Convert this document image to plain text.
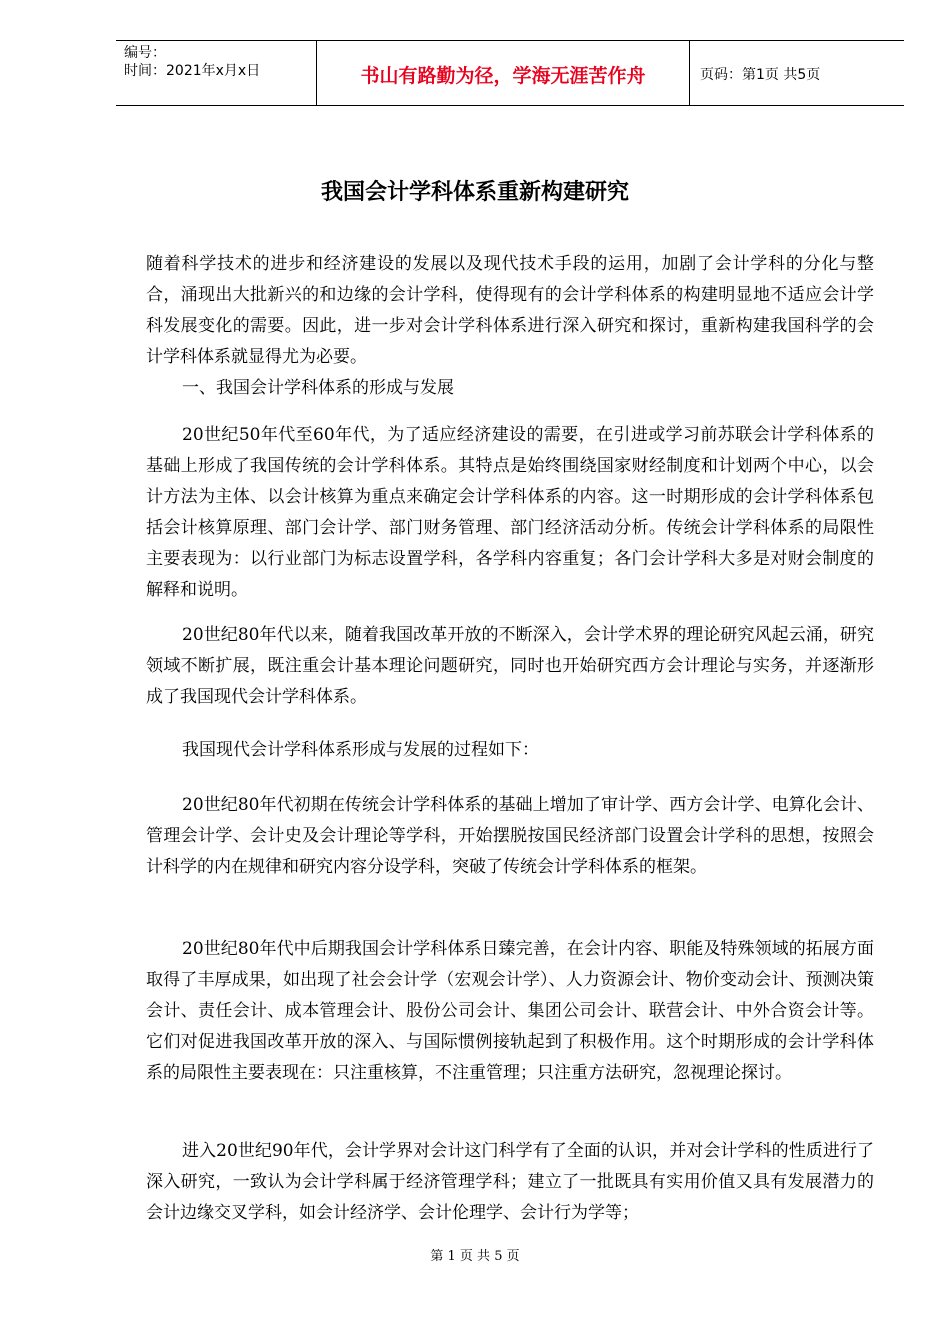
编号：
时间：2021年x月x日	书山有路勤为径，学海无涯苦作舟	页码：第1页 共5页
我国会计学科体系重新构建研究

随着科学技术的进步和经济建设的发展以及现代技术手段的运用，加剧了会计学科的分化与整合，涌现出大批新兴的和边缘的会计学科，使得现有的会计学科体系的构建明显地不适应会计学科发展变化的需要。因此，进一步对会计学科体系进行深入研究和探讨，重新构建我国科学的会计学科体系就显得尤为必要。

一、我国会计学科体系的形成与发展

20世纪50年代至60年代，为了适应经济建设的需要，在引进或学习前苏联会计学科体系的基础上形成了我国传统的会计学科体系。其特点是始终围绕国家财经制度和计划两个中心，以会计方法为主体、以会计核算为重点来确定会计学科体系的内容。这一时期形成的会计学科体系包括会计核算原理、部门会计学、部门财务管理、部门经济活动分析。传统会计学科体系的局限性主要表现为：以行业部门为标志设置学科，各学科内容重复；各门会计学科大多是对财会制度的解释和说明。

20世纪80年代以来，随着我国改革开放的不断深入，会计学术界的理论研究风起云涌，研究领域不断扩展，既注重会计基本理论问题研究，同时也开始研究西方会计理论与实务，并逐渐形成了我国现代会计学科体系。

我国现代会计学科体系形成与发展的过程如下：

20世纪80年代初期在传统会计学科体系的基础上增加了审计学、西方会计学、电算化会计、管理会计学、会计史及会计理论等学科，开始摆脱按国民经济部门设置会计学科的思想，按照会计科学的内在规律和研究内容分设学科，突破了传统会计学科体系的框架。

20世纪80年代中后期我国会计学科体系日臻完善，在会计内容、职能及特殊领域的拓展方面取得了丰厚成果，如出现了社会会计学（宏观会计学）、人力资源会计、物价变动会计、预测决策会计、责任会计、成本管理会计、股份公司会计、集团公司会计、联营会计、中外合资会计等。它们对促进我国改革开放的深入、与国际惯例接轨起到了积极作用。这个时期形成的会计学科体系的局限性主要表现在：只注重核算，不注重管理；只注重方法研究，忽视理论探讨。

进入20世纪90年代，会计学界对会计这门科学有了全面的认识，并对会计学科的性质进行了深入研究，一致认为会计学科属于经济管理学科；建立了一批既具有实用价值又具有发展潜力的会计边缘交叉学科，如会计经济学、会计伦理学、会计行为学等；

第 1 页 共 5 页
